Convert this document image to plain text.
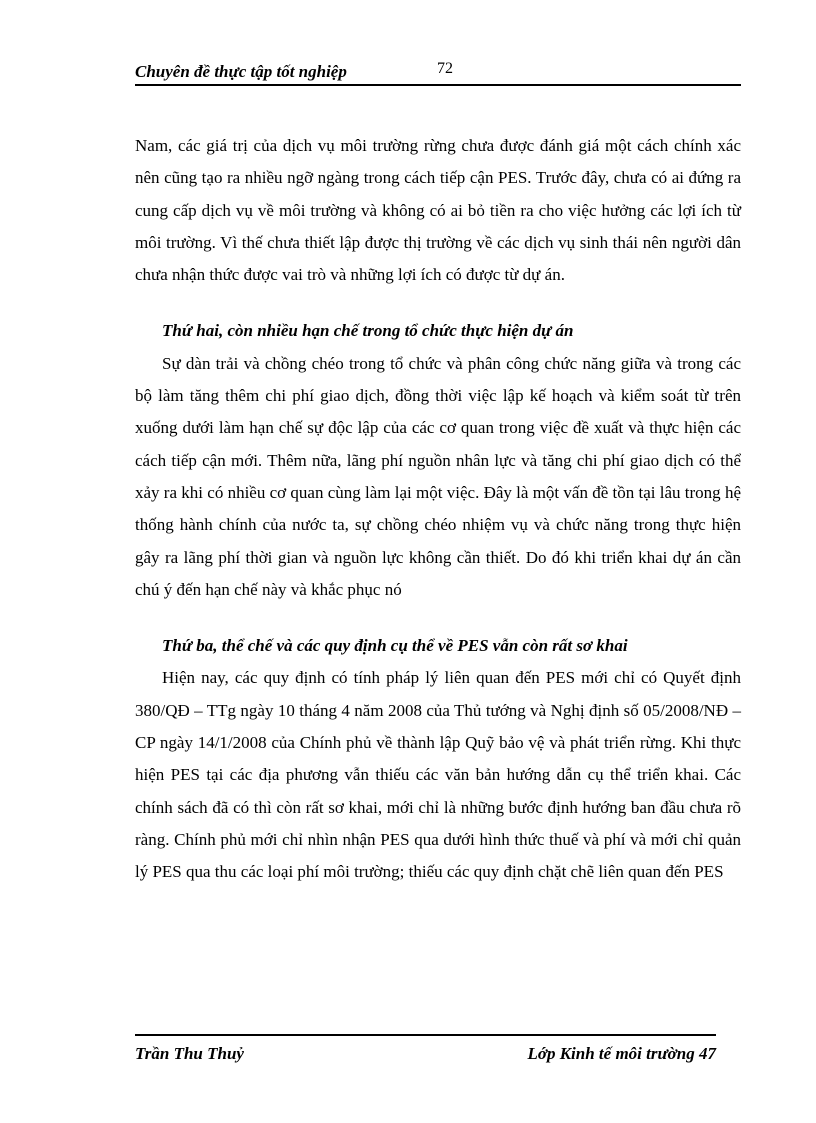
Chuyên đề thực tập tốt nghiệp	72

Nam, các giá trị của dịch vụ môi trường rừng chưa được đánh giá một cách chính xác nên cũng tạo ra nhiều ngỡ ngàng trong cách tiếp cận PES. Trước đây, chưa có ai đứng ra cung cấp dịch vụ về môi trường và không có ai bỏ tiền ra cho việc hưởng các lợi ích từ môi trường. Vì thế chưa thiết lập được thị trường về các dịch vụ sinh thái nên người dân chưa nhận thức được vai trò và những lợi ích có được từ dự án.

Thứ hai, còn nhiều hạn chế trong tổ chức thực hiện dự án

Sự dàn trải và chồng chéo trong tổ chức và phân công chức năng giữa và trong các bộ làm tăng thêm chi phí giao dịch, đồng thời việc lập kế hoạch và kiểm soát từ trên xuống dưới làm hạn chế sự độc lập của các cơ quan trong việc đề xuất và thực hiện các cách tiếp cận mới. Thêm nữa, lãng phí nguồn nhân lực và tăng chi phí giao dịch có thể xảy ra khi có nhiều cơ quan cùng làm lại một việc. Đây là một vấn đề tồn tại lâu trong hệ thống hành chính của nước ta, sự chồng chéo nhiệm vụ và chức năng trong thực hiện gây ra lãng phí thời gian và nguồn lực không cần thiết. Do đó khi triển khai dự án cần chú ý đến hạn chế này và khắc phục nó

Thứ ba, thể chế và các quy định cụ thể về PES vẫn còn rất sơ khai

Hiện nay, các quy định có tính pháp lý liên quan đến PES mới chỉ có Quyết định 380/QĐ – TTg ngày 10 tháng 4 năm 2008 của Thủ tướng và Nghị định số 05/2008/NĐ – CP ngày 14/1/2008 của Chính phủ về thành lập Quỹ bảo vệ và phát triển rừng. Khi thực hiện PES tại các địa phương vẫn thiếu các văn bản hướng dẫn cụ thể triển khai. Các chính sách đã có thì còn rất sơ khai, mới chỉ là những bước định hướng ban đầu chưa rõ ràng. Chính phủ mới chỉ nhìn nhận PES qua dưới hình thức thuế và phí và mới chỉ quản lý PES qua thu các loại phí môi trường; thiếu các quy định chặt chẽ liên quan đến PES

Trần Thu Thuỷ	Lớp Kinh tế môi trường 47
